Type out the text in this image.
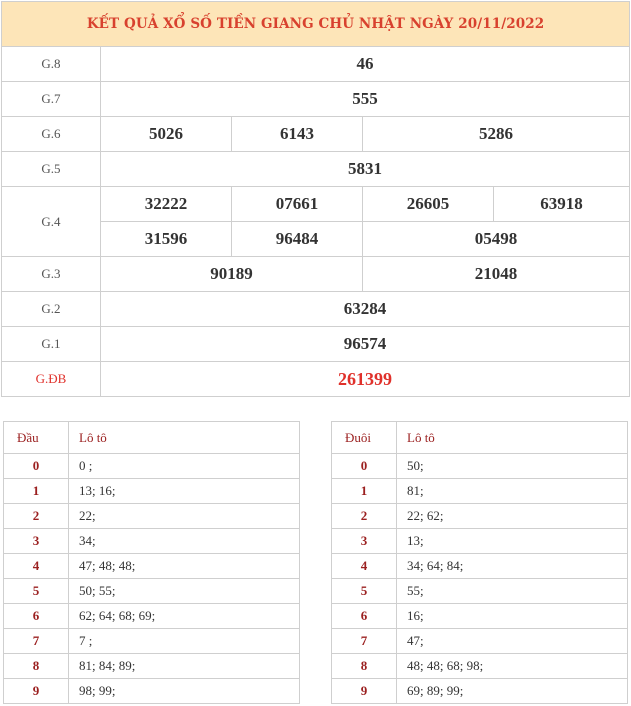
KẾT QUẢ XỔ SỐ TIỀN GIANG CHỦ NHẬT NGÀY 20/11/2022				
G.8	46			
G.7	555			
G.6	5026	6143	5286	
G.5	5831			
G.4	32222	07661	26605	63918
	31596	96484	05498	
G.3	90189		21048	
G.2	63284			
G.1	96574			
G.ĐB	261399			
Đầu	Lô tô
0	0 ;
1	13; 16;
2	22;
3	34;
4	47; 48; 48;
5	50; 55;
6	62; 64; 68; 69;
7	7 ;
8	81; 84; 89;
9	98; 99;
Đuôi	Lô tô
0	50;
1	81;
2	22; 62;
3	13;
4	34; 64; 84;
5	55;
6	16;
7	47;
8	48; 48; 68; 98;
9	69; 89; 99;
